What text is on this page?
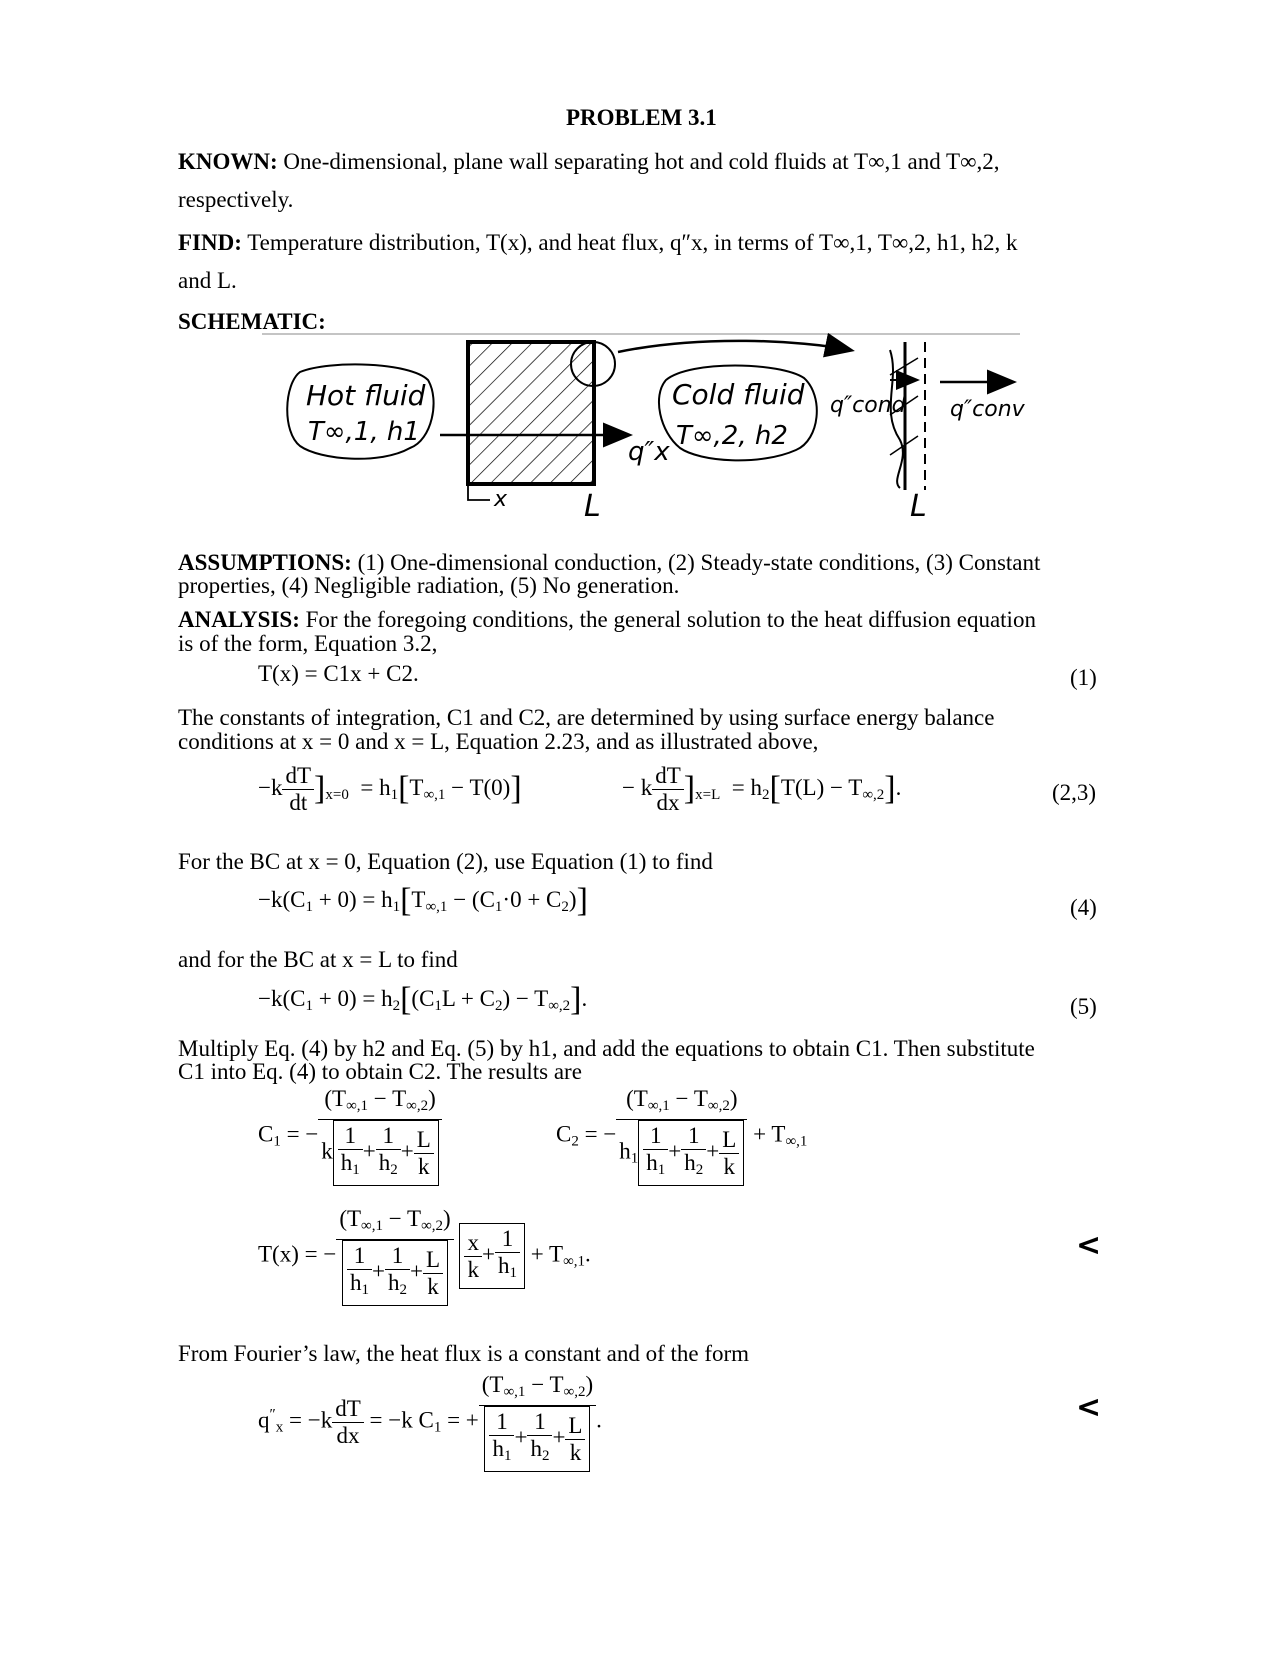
PROBLEM 3.1
KNOWN: One-dimensional, plane wall separating hot and cold fluids at T∞,1 and T∞,2,
respectively.
FIND: Temperature distribution, T(x), and heat flux, q″x, in terms of T∞,1, T∞,2, h1, h2, k
and L.
SCHEMATIC:
Hot fluid
T∞,1, h1
q″x
x	L
Cold fluid
T∞,2, h2
q″cond q″conv
L
ASSUMPTIONS: (1) One-dimensional conduction, (2) Steady-state conditions, (3) Constant
properties, (4) Negligible radiation, (5) No generation.
ANALYSIS: For the foregoing conditions, the general solution to the heat diffusion equation
is of the form, Equation 3.2,
T(x) = C1x + C2.	(1)
The constants of integration, C1 and C2, are determined by using surface energy balance
conditions at x = 0 and x = L, Equation 2.23, and as illustrated above,
$-k \frac{dT}{dt} ]_{x=0} = h_1[T_{\infty,1} - T(0)]$	− k $\frac{dT}{dx} ]_{x=L} = h_2[T(L) - T_{\infty,2}]$.	(2,3)
For the BC at x = 0, Equation (2), use Equation (1) to find
$-k(C_1 + 0) = h_1[T_{\infty,1} - (C_1\cdot 0 + C_2)]$	(4)
and for the BC at x = L to find
$-k(C_1 + 0) = h_2[(C_1L + C_2) - T_{\infty,2}]$.	(5)
Multiply Eq. (4) by h2 and Eq. (5) by h1, and add the equations to obtain C1. Then substitute
C1 into Eq. (4) to obtain C2. The results are
$C_1$ = − $\frac{(T_{\infty,1} - T_{\infty,2})}{k \frac{1}{h_1} + \frac{1}{h_2} + \frac{L}{k}}$	$C_2$ = − $\frac{(T_{\infty,1} - T_{\infty,2})}{h_1 \frac{1}{h_1} + \frac{1}{h_2} + \frac{L}{k}} + T_{\infty,1}$
T(x) = − $\frac{(T_{\infty,1} - T_{\infty,2})}{\frac{1}{h_1} + \frac{1}{h_2} + \frac{L}{k}}$
$\frac{x}{k} + \frac{1}{h_1} + T_{\infty,1}$.	<
From Fourier’s law, the heat flux is a constant and of the form
$q''_x = -k \frac{dT}{dx} = -k$ $C_1$ = + $\frac{(T_{\infty,1} - T_{\infty,2})}{\frac{1}{h_1} + \frac{1}{h_2} + \frac{L}{k}}$ .	<
